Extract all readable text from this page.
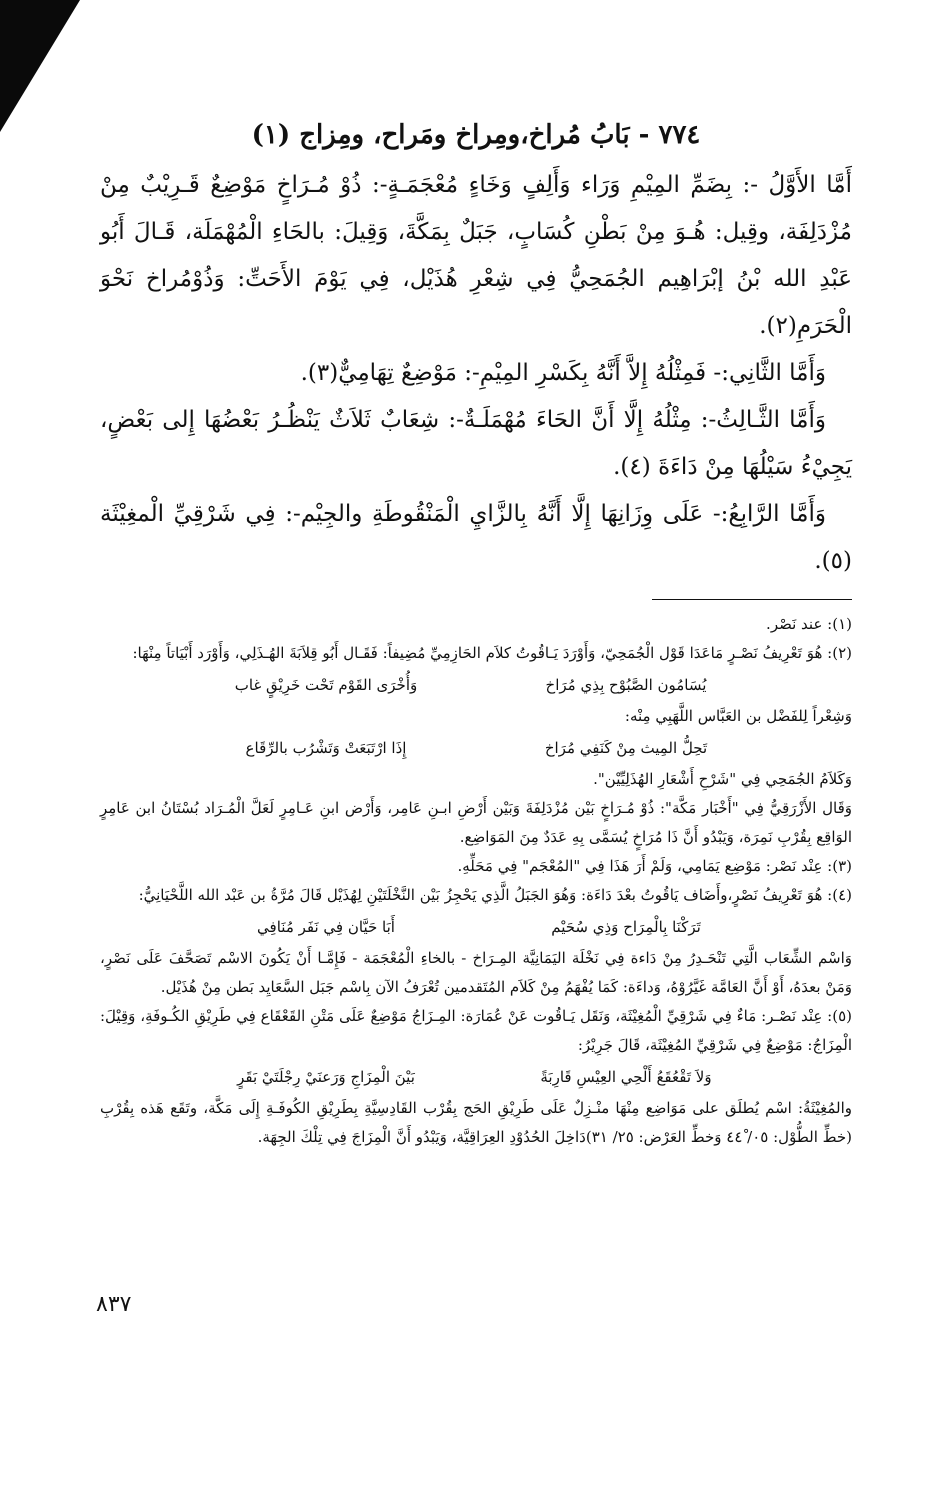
٧٧٤ - بَابُ مُراخ،ومِراخ ومَراح، ومِزاج (١)

أَمَّا الأَوَّلُ -: بِضَمِّ المِيْمِ وَرَاء وَأَلِفٍ وَخَاءٍ مُعْجَمَـةٍ-: ذُوْ مُـرَاخٍ مَوْضِعٌ قَـرِيْبٌ مِنْ مُزْدَلِفَة، وقِيل: هُـوَ مِنْ بَطْنِ كُسَابٍ، جَبَلٌ بِمَكَّةَ، وَقِيلَ: بالحَاءِ الْمُهْمَلَة، قَـالَ أَبُو عَبْدِ الله بْنُ إبْرَاهِيم الجُمَحِيُّ فِي شِعْرِ هُذَيْل، فِي يَوْمَ الأَحَتِّ: وَذُوْمُراخ نَحْوَ الْحَرَمِ(٢).

وَأَمَّا الثَّانِي:- فَمِثْلُهُ إِلاَّ أَنَّهُ بِكَسْرِ المِيْمِ-: مَوْضِعٌ تِهَامِيٌّ(٣).

وَأَمَّا الثَّـالِثُ-: مِثْلُهُ إِلَّا أَنَّ الحَاءَ مُهْمَلَـةٌ-: شِعَابٌ ثَلاَثٌ يَنْظُـرُ بَعْضُهَا إِلى بَعْضٍ، يَجِيْءُ سَيْلُهَا مِنْ دَاءَةَ (٤).

وَأَمَّا الرَّابِعُ:- عَلَى وِزَانِهَا إِلَّا أَنَّهُ بِالزَّايِ الْمَنْقُوطَةِ والجِيْم-: فِي شَرْقِيِّ الْمغِيْثَة (٥).

(١): عند نَصْر.

(٢): هُوَ تَعْرِيفُ نَصْـرٍ مَاعَدَا قَوْل الْجُمَحِيّ، وَأَوْرَدَ يَـاقُوتُ كلاَم الحَازِمِيِّ مُضِيفاً: فَقَـال أَبُو قِلاَبَةَ الهُـذَلِي، وَأَوْرَد أَبْيَاتاً مِنْهَا:

يُسَامُون الصَّبُوْح بِذِي مُرَاخ
وَأُخْرَى القَوْم تَحْت خَرِيْقٍ غاب

وَشِعْراً لِلفَضْل بن العَبَّاس اللَّهَبِي مِنْه:

تَحِلُّ المِيث مِنْ كَنَفِي مُرَاخ
إِذَا ارْتَبَعَتْ وَتَشْرُب بالرِّقَاع

وَكَلاَمُ الجُمَحِي فِي "شَرْحِ أَشْعَارِ الهُذَلِيِّيْن".

وَقَال الأَزْرَقِيُّ فِي "أَخْبَار مَكَّة": ذُوْ مُـرَاخٍ بَيْن مُزْدَلِفَةَ وَبَيْن أَرْضِ ابـنِ عَامِر، وَأَرْض ابنِ عَـامِرٍ لَعَلَّ الْمُـرَاد بُسْتَانُ ابن عَامِرٍ الوَاقِع بِقُرْبِ نَمِرَة، وَيَبْدُو أَنَّ ذَا مُرَاخٍ يُسَمَّى بِهِ عَدَدٌ مِنَ المَوَاضِع.

(٣): عِنْد نَصْر: مَوْضِع يَمَامِي، وَلَمْ أَرَ هَذَا فِي "المُعْجَم" فِي مَحَلِّهِ.

(٤): هُوَ تَعْرِيفُ نَصْرٍ،وأَضَاف يَاقُوتُ بعْدَ دَاءَة: وَهُوَ الجَبَلُ الَّذِي يَحْجِزُ بَيْن النَّخْلَتَيْنِ لِهُذَيْل قَالَ مُرَّةُ بن عَبْد الله اللَّحْيَانِيُّ:

تَرَكْنَا بِالْمِرَاح وَذِي سُحَيْم
أَبَا حَيَّان فِي نَفَر مُنَافِي

وَاسْم الشِّعَاب الَّتِي تَنْحَـدِرُ مِنْ دَاءة فِي نَخْلَة اليَمَانِيَّة المِـرَاخ - بالخاءِ الْمُعْجَمَة - فَإِمَّـا أَنْ يَكُونَ الاسْم تَصَحَّفَ عَلَى نَصْرٍ، وَمَنْ بعدَهُ، أَوْ أَنَّ العَامَّة غَيَّرُوْهُ، وَداءَة: كَمَا يُفْهَمُ مِنْ كَلاَم المُتَقدمين تُعْرَفُ الآن بِاسْم جَبَل السَّعَايِد بَطن مِنْ هُذَيْل.

(٥): عِنْد نَصْـر: مَاءٌ فِي شَرْقِيِّ الْمُغِيْثَة، وَنَقَل يَـاقُوت عَنْ عُمَارَة: المِـزَاجُ مَوْضِعٌ عَلَى مَتْنِ القَعْقَاع فِي طَرِيْقِ الكُـوفَةِ، وَقِيْلَ: الْمِزَاجُ: مَوْضِعٌ فِي شَرْقِيِّ المُغِيْثَة، قَالَ جَرِيْرُ:

وَلاَ تَقْعُقَعُ أَلْحِي العِيْسِ قَارِبَةً
بَيْنَ الْمِزَاجِ وَرَعنَيْ رِجْلَتَيْ بَقَرٍ

والمُغِيْثَةُ: اسْم يُطلَق على مَوَاضِع مِنْهَا منْـزِلٌ عَلَى طَرِيْقِ الحَج بِقُرْب القَادِسِيَّةِ بِطَرِيْقِ الكُوفَـةِ إِلَى مَكَّة، وتَقَع هَذه بِقُرْبِ (خطِّ الطُّوْل: ٠٥/ ٤٤ْ وَخطِّ العَرْض: ٢٥/ ٣١)دَاخِلَ الحُدُوْدِ العِرَاقِيَّة، وَيَبْدُو أَنَّ الْمِزَاجَ فِي تِلْكَ الجِهَة.

٨٣٧
